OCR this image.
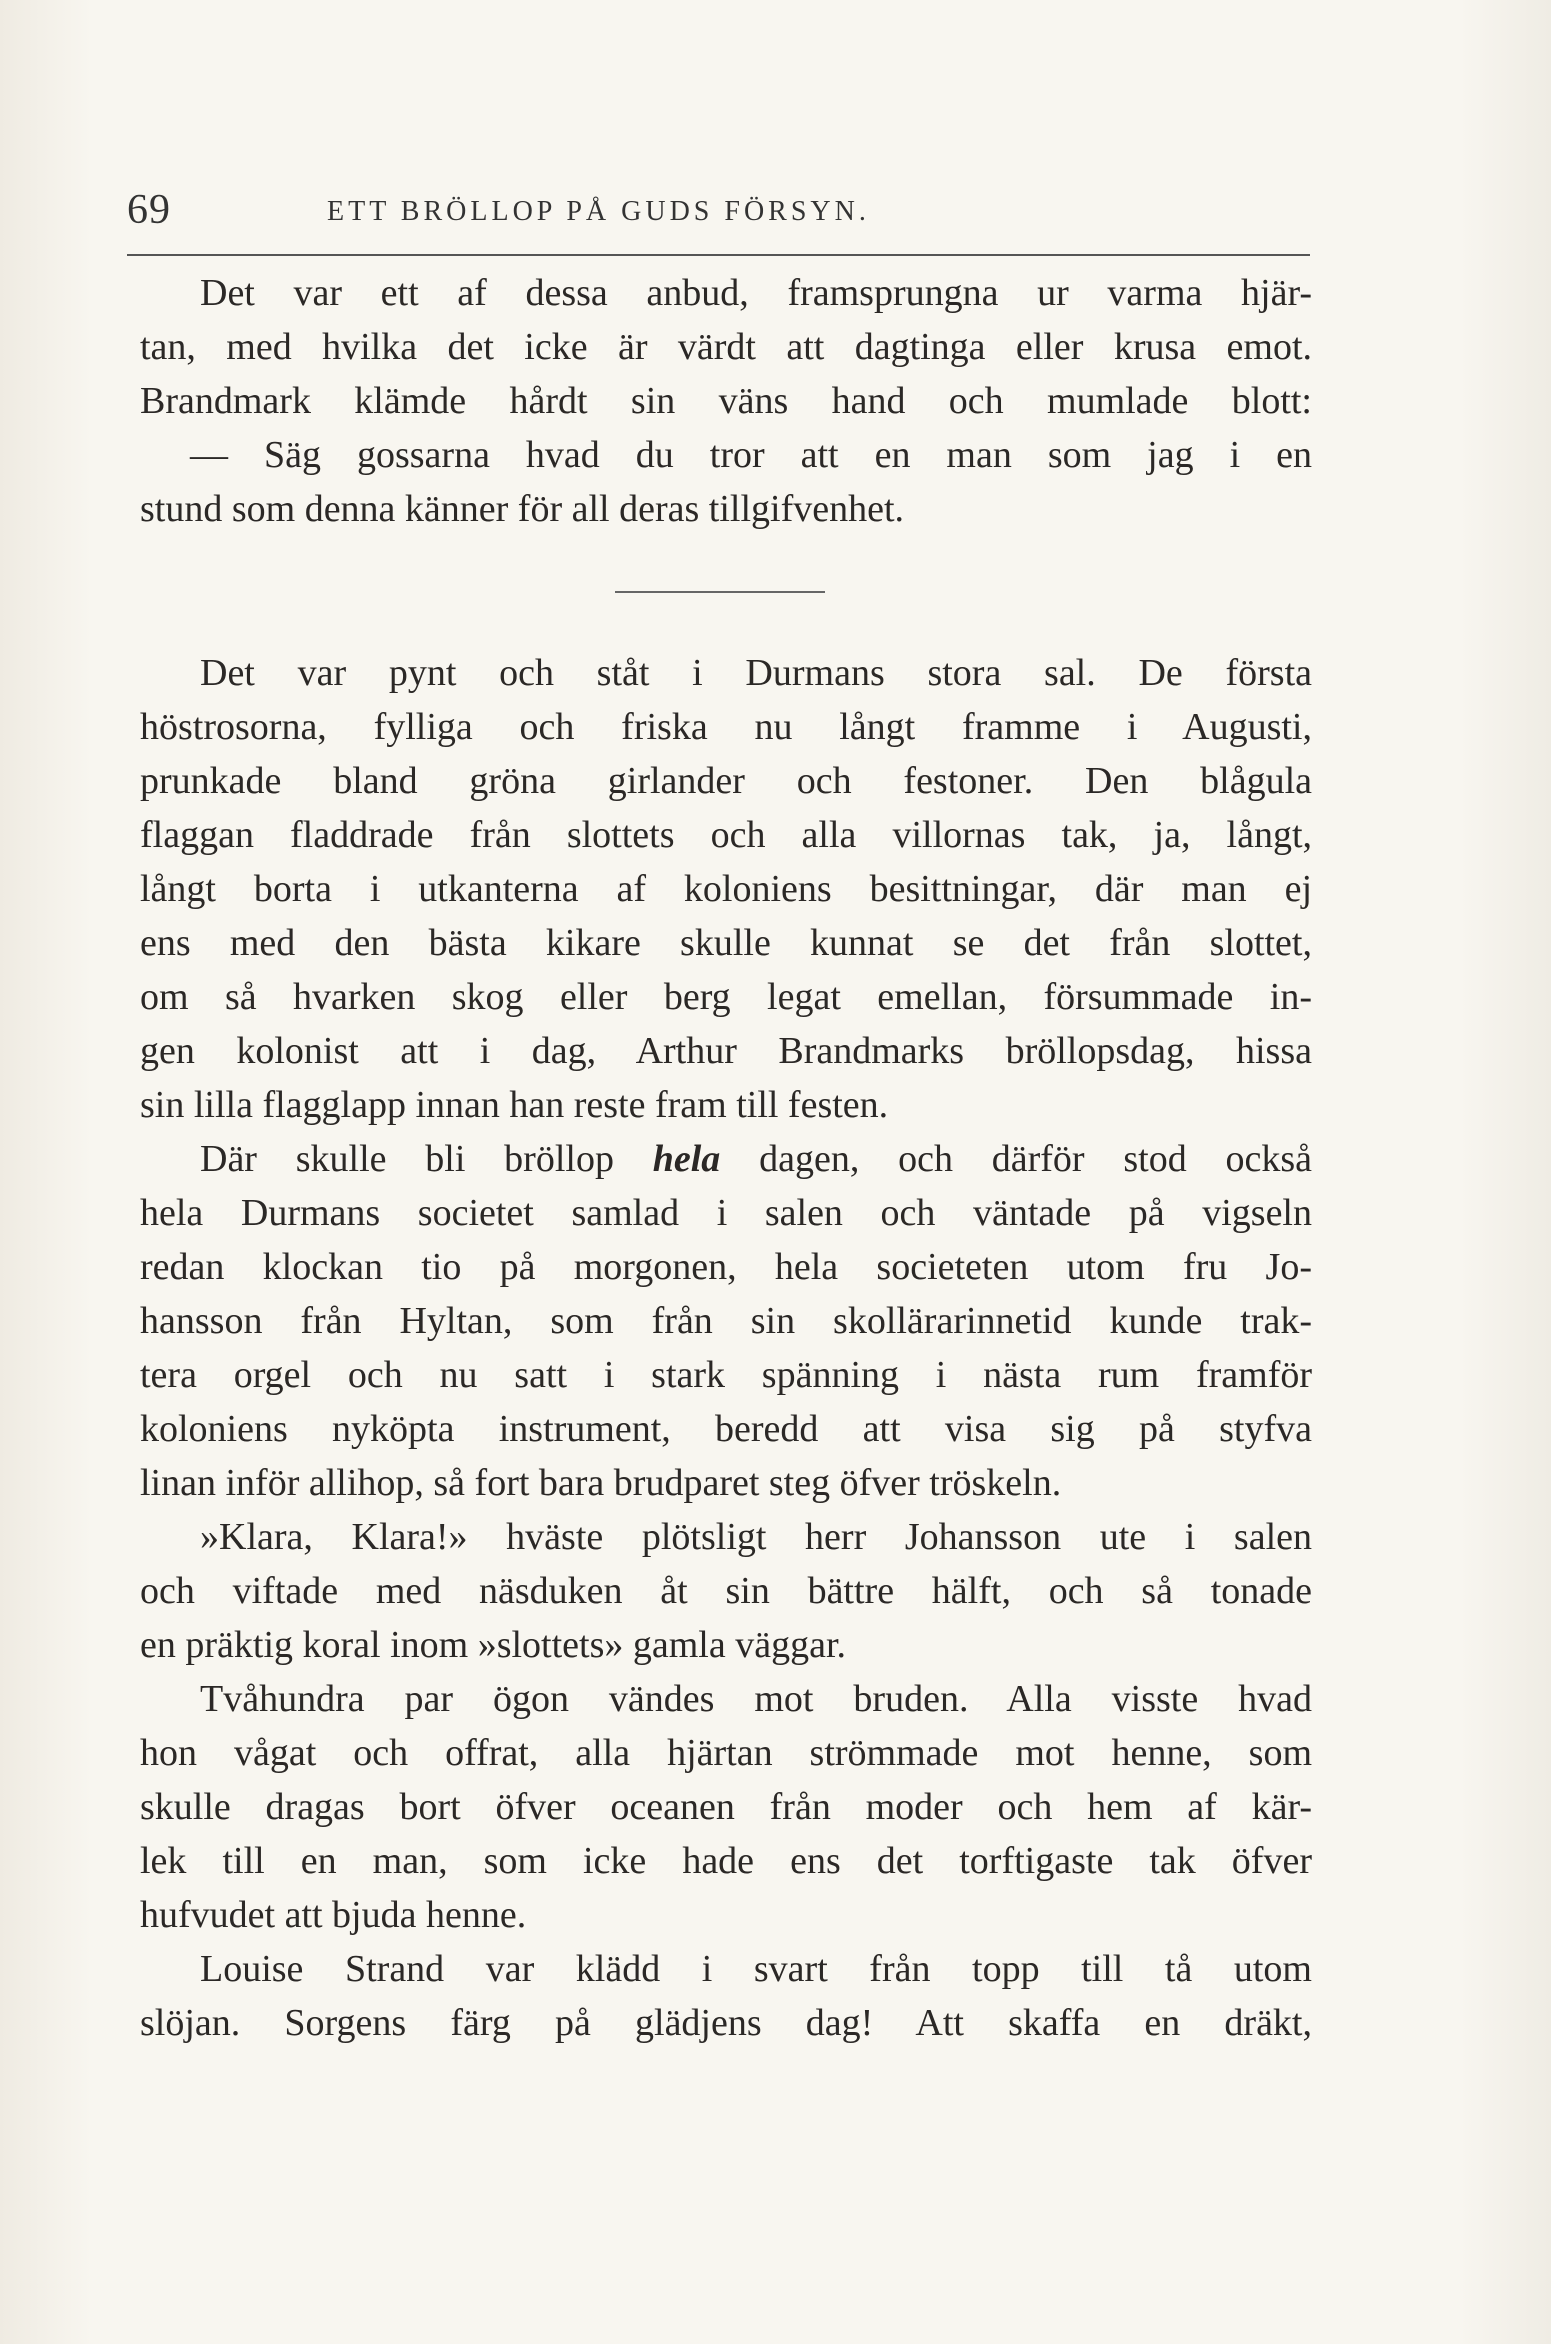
69	ETT BRÖLLOP PÅ GUDS FÖRSYN.
Det var ett af dessa anbud, framsprungna ur varma hjär-
tan, med hvilka det icke är värdt att dagtinga eller krusa emot.
Brandmark klämde hårdt sin väns hand och mumlade blott:
— Säg gossarna hvad du tror att en man som jag i en
stund som denna känner för all deras tillgifvenhet.
Det var pynt och ståt i Durmans stora sal. De första
höstrosorna, fylliga och friska nu långt framme i Augusti,
prunkade bland gröna girlander och festoner. Den blågula
flaggan fladdrade från slottets och alla villornas tak, ja, långt,
långt borta i utkanterna af koloniens besittningar, där man ej
ens med den bästa kikare skulle kunnat se det från slottet,
om så hvarken skog eller berg legat emellan, försummade in-
gen kolonist att i dag, Arthur Brandmarks bröllopsdag, hissa
sin lilla flagglapp innan han reste fram till festen.
Där skulle bli bröllop hela dagen, och därför stod också
hela Durmans societet samlad i salen och väntade på vigseln
redan klockan tio på morgonen, hela societeten utom fru Jo-
hansson från Hyltan, som från sin skollärarinnetid kunde trak-
tera orgel och nu satt i stark spänning i nästa rum framför
koloniens nyköpta instrument, beredd att visa sig på styfva
linan inför allihop, så fort bara brudparet steg öfver tröskeln.
»Klara, Klara!» hväste plötsligt herr Johansson ute i salen
och viftade med näsduken åt sin bättre hälft, och så tonade
en präktig koral inom »slottets» gamla väggar.
Tvåhundra par ögon vändes mot bruden. Alla visste hvad
hon vågat och offrat, alla hjärtan strömmade mot henne, som
skulle dragas bort öfver oceanen från moder och hem af kär-
lek till en man, som icke hade ens det torftigaste tak öfver
hufvudet att bjuda henne.
Louise Strand var klädd i svart från topp till tå utom
slöjan. Sorgens färg på glädjens dag! Att skaffa en dräkt,
